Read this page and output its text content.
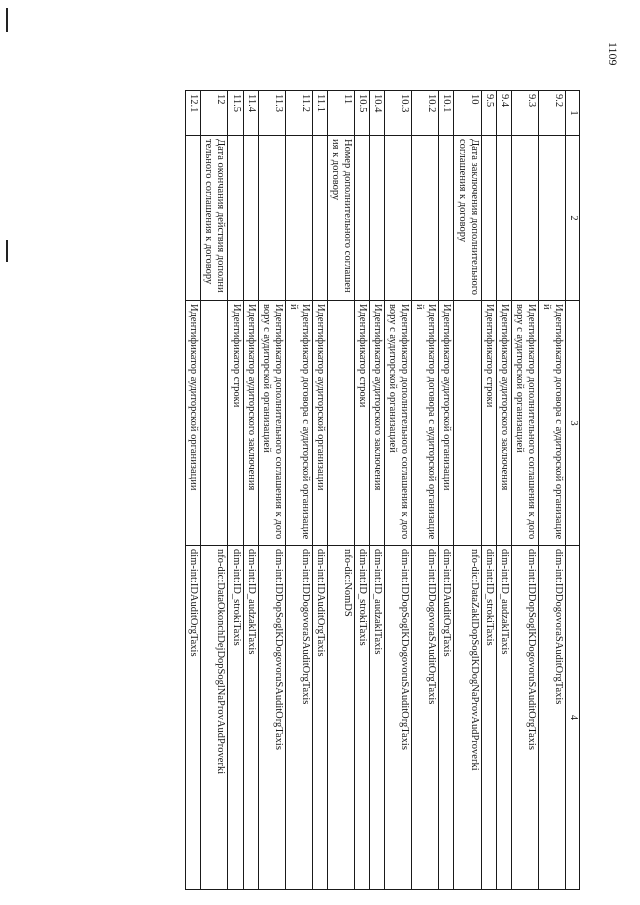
1109
1	2	3	4
9.2		Идентификатор договора с аудиторской организацией	dim-int:IDDogovoraSAuditOrgTaxis
9.3		Идентификатор дополнительного соглашения к договору с аудиторской организацией	dim-int:IDDopSoglKDogovoruSAuditOrgTaxis
9.4		Идентификатор аудиторского заключения	dim-int:ID_audzaklTaxis
9.5		Идентификатор строки	dim-int:ID_strokiTaxis
10	Дата заключения дополнительного соглашения к договору		nfo-dic:DataZaklDopSoglKDogNaProvAudProverki
10.1		Идентификатор аудиторской организации	dim-int:IDAuditOrgTaxis
10.2		Идентификатор договора с аудиторской организацией	dim-int:IDDogovoraSAuditOrgTaxis
10.3		Идентификатор дополнительного соглашения к договору с аудиторской организацией	dim-int:IDDopSoglKDogovoruSAuditOrgTaxis
10.4		Идентификатор аудиторского заключения	dim-int:ID_audzaklTaxis
10.5		Идентификатор строки	dim-int:ID_strokiTaxis
11	Номер дополнительного соглашения к договору		nfo-dic:NomDS
11.1		Идентификатор аудиторской организации	dim-int:IDAuditOrgTaxis
11.2		Идентификатор договора с аудиторской организацией	dim-int:IDDogovoraSAuditOrgTaxis
11.3		Идентификатор дополнительного соглашения к договору с аудиторской организацией	dim-int:IDDopSoglKDogovoruSAuditOrgTaxis
11.4		Идентификатор аудиторского заключения	dim-int:ID_audzaklTaxis
11.5		Идентификатор строки	dim-int:ID_strokiTaxis
12	Дата окончания действия дополнительного соглашения к договору		nfo-dic:DataOkonchDejDopSoglNaProvAudProverki
12.1		Идентификатор аудиторской организации	dim-int:IDAuditOrgTaxis
